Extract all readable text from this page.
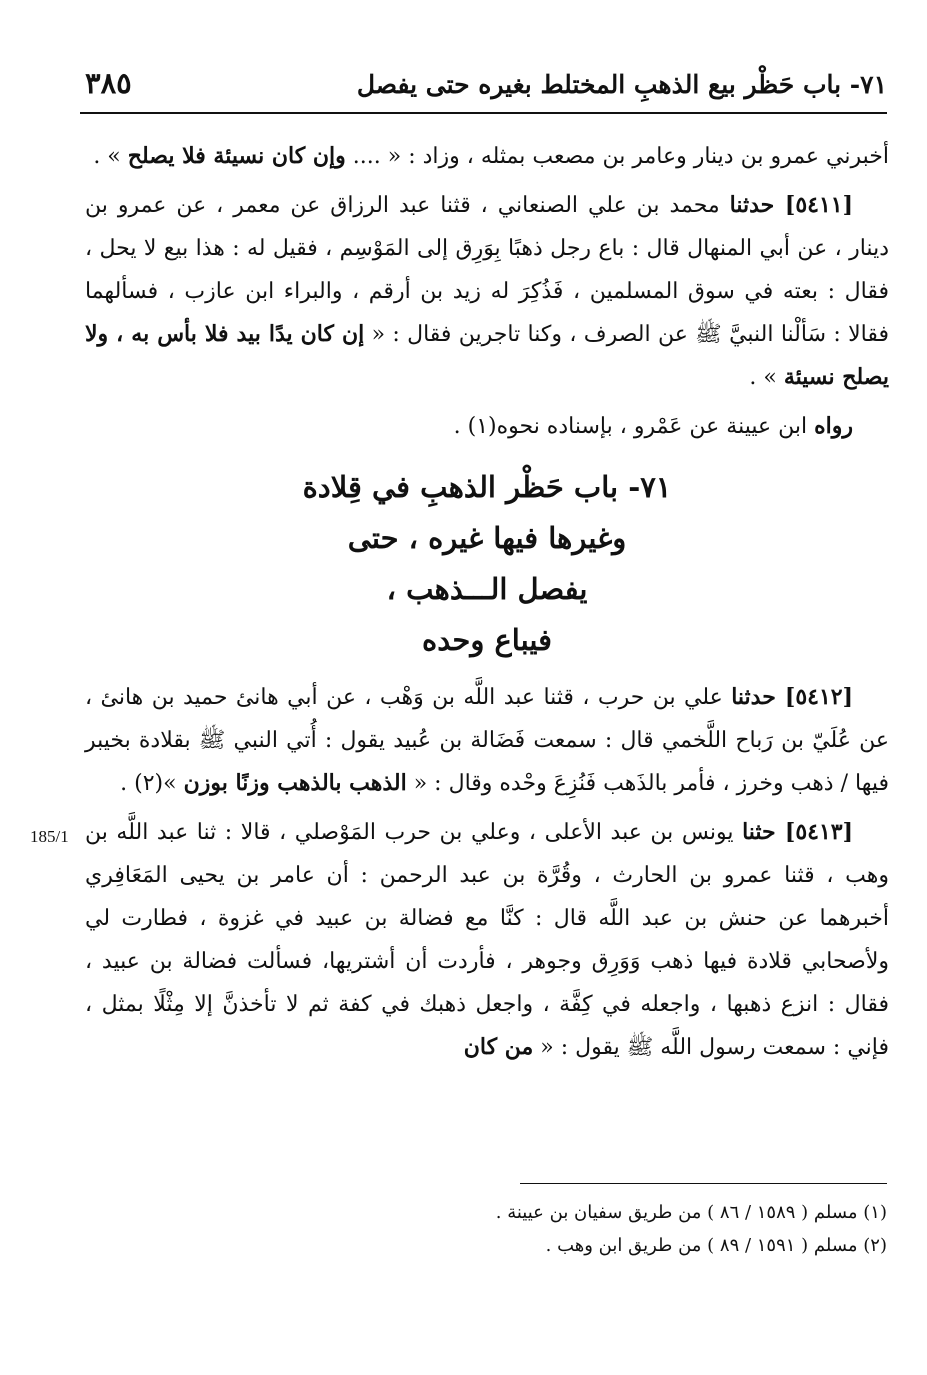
٧١- باب حَظْر بيع الذهبِ المختلط بغيره حتى يفصل
٣٨٥
185/1

أخبرني عمرو بن دينار وعامر بن مصعب بمثله ، وزاد : « .... وإن كان نسيئة فلا يصلح » .

[٥٤١١] حدثنا محمد بن علي الصنعاني ، قثنا عبد الرزاق عن معمر ، عن عمرو بن دينار ، عن أبي المنهال قال : باع رجل ذهبًا بِوَرِق إلى المَوْسِم ، فقيل له : هذا بيع لا يحل ، فقال : بعته في سوق المسلمين ، فَذُكِرَ له زيد بن أرقم ، والبراء ابن عازب ، فسألهما فقالا : سَألْنا النبيَّ ﷺ عن الصرف ، وكنا تاجرين فقال : « إن كان يدًا بيد فلا بأس به ، ولا يصلح نسيئة » .

رواه ابن عيينة عن عَمْرو ، بإسناده نحوه(١) .

٧١- باب حَظْر الذهبِ في قِلادة
وغيرها فيها غيره ، حتى
يفصل الـــذهب ،
فيباع وحده

[٥٤١٢] حدثنا علي بن حرب ، قثنا عبد اللَّه بن وَهْب ، عن أبي هانئ حميد بن هانئ ، عن عُلَيّ بن رَباح اللَّخمي قال : سمعت فَضَالة بن عُبيد يقول : أُتي النبي ﷺ بقلادة بخيبر فيها / ذهب وخرز ، فأمر بالذَهب فَنُزِعَ وحْده وقال : « الذهب بالذهب وزنًا بوزن »(٢) .

[٥٤١٣] حثنا يونس بن عبد الأعلى ، وعلي بن حرب المَوْصلي ، قالا : ثنا عبد اللَّه بن وهب ، قثنا عمرو بن الحارث ، وقُرَّة بن عبد الرحمن : أن عامر بن يحيى المَعَافِري أخبرهما عن حنش بن عبد اللَّه قال : كنَّا مع فضالة بن عبيد في غزوة ، فطارت لي ولأصحابي قلادة فيها ذهب وَوَرِق وجوهر ، فأردت أن أشتريها، فسألت فضالة بن عبيد ، فقال : انزع ذهبها ، واجعله في كِفَّة ، واجعل ذهبك في كفة ثم لا تأخذنَّ إلا مِثْلًا بمثل ، فإني : سمعت رسول اللَّه ﷺ يقول : « من كان

(١) مسلم ( ١٥٨٩ / ٨٦ ) من طريق سفيان بن عيينة .

(٢) مسلم ( ١٥٩١ / ٨٩ ) من طريق ابن وهب .
